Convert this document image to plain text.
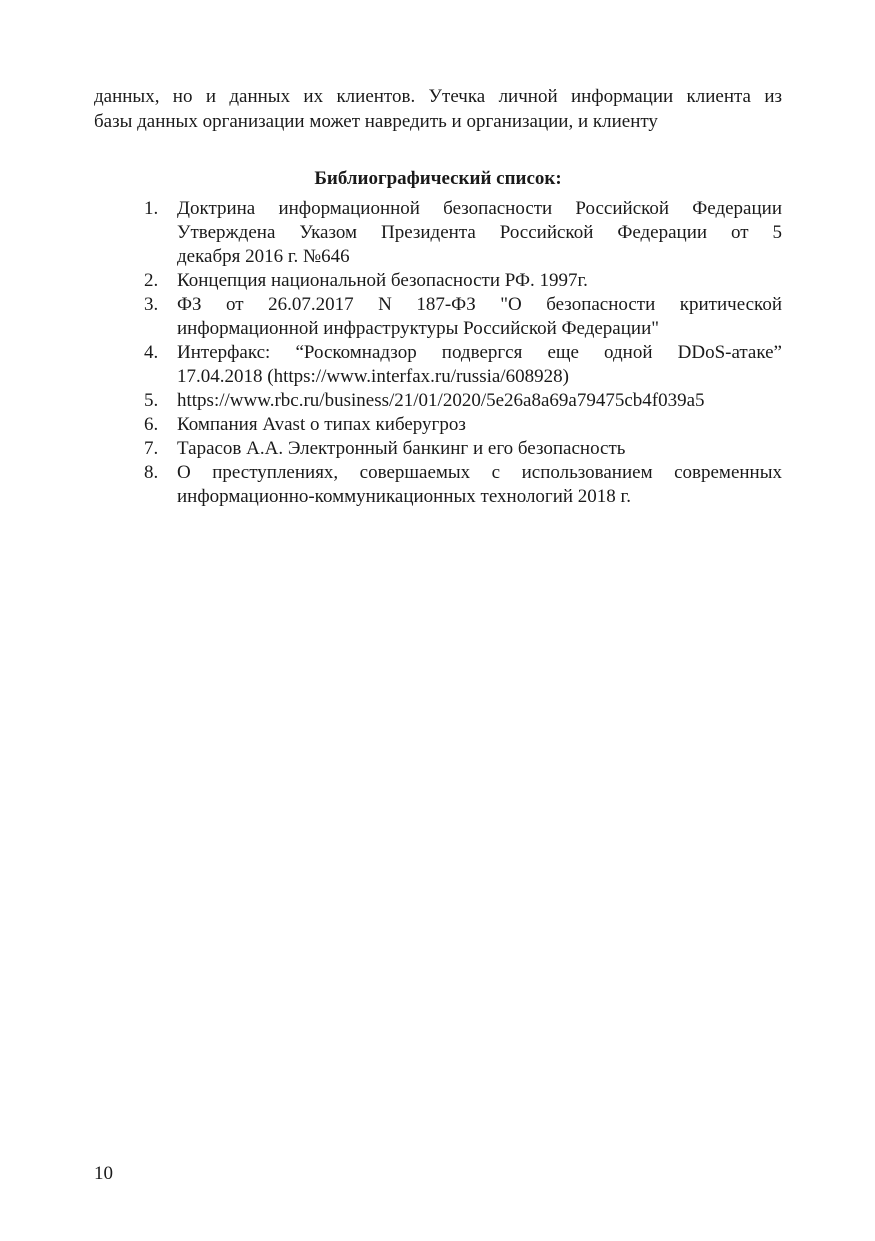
данных, но и данных их клиентов. Утечка личной информации клиента из
базы данных организации может навредить и организации, и клиенту

Библиографический список:
1. Доктрина информационной безопасности Российской Федерации
Утверждена Указом Президента Российской Федерации от 5
декабря 2016 г. №646
2. Концепция национальной безопасности РФ. 1997г.
3. ФЗ от 26.07.2017 N 187-ФЗ "О безопасности критической
информационной инфраструктуры Российской Федерации"
4. Интерфакс: “Роскомнадзор подвергся еще одной DDoS-атаке”
17.04.2018 (https://www.interfax.ru/russia/608928)
5. https://www.rbc.ru/business/21/01/2020/5e26a8a69a79475cb4f039a5
6. Компания Avast о типах киберугроз
7. Тарасов А.А. Электронный банкинг и его безопасность
8. О преступлениях, совершаемых с использованием современных
информационно-коммуникационных технологий 2018 г.
10
